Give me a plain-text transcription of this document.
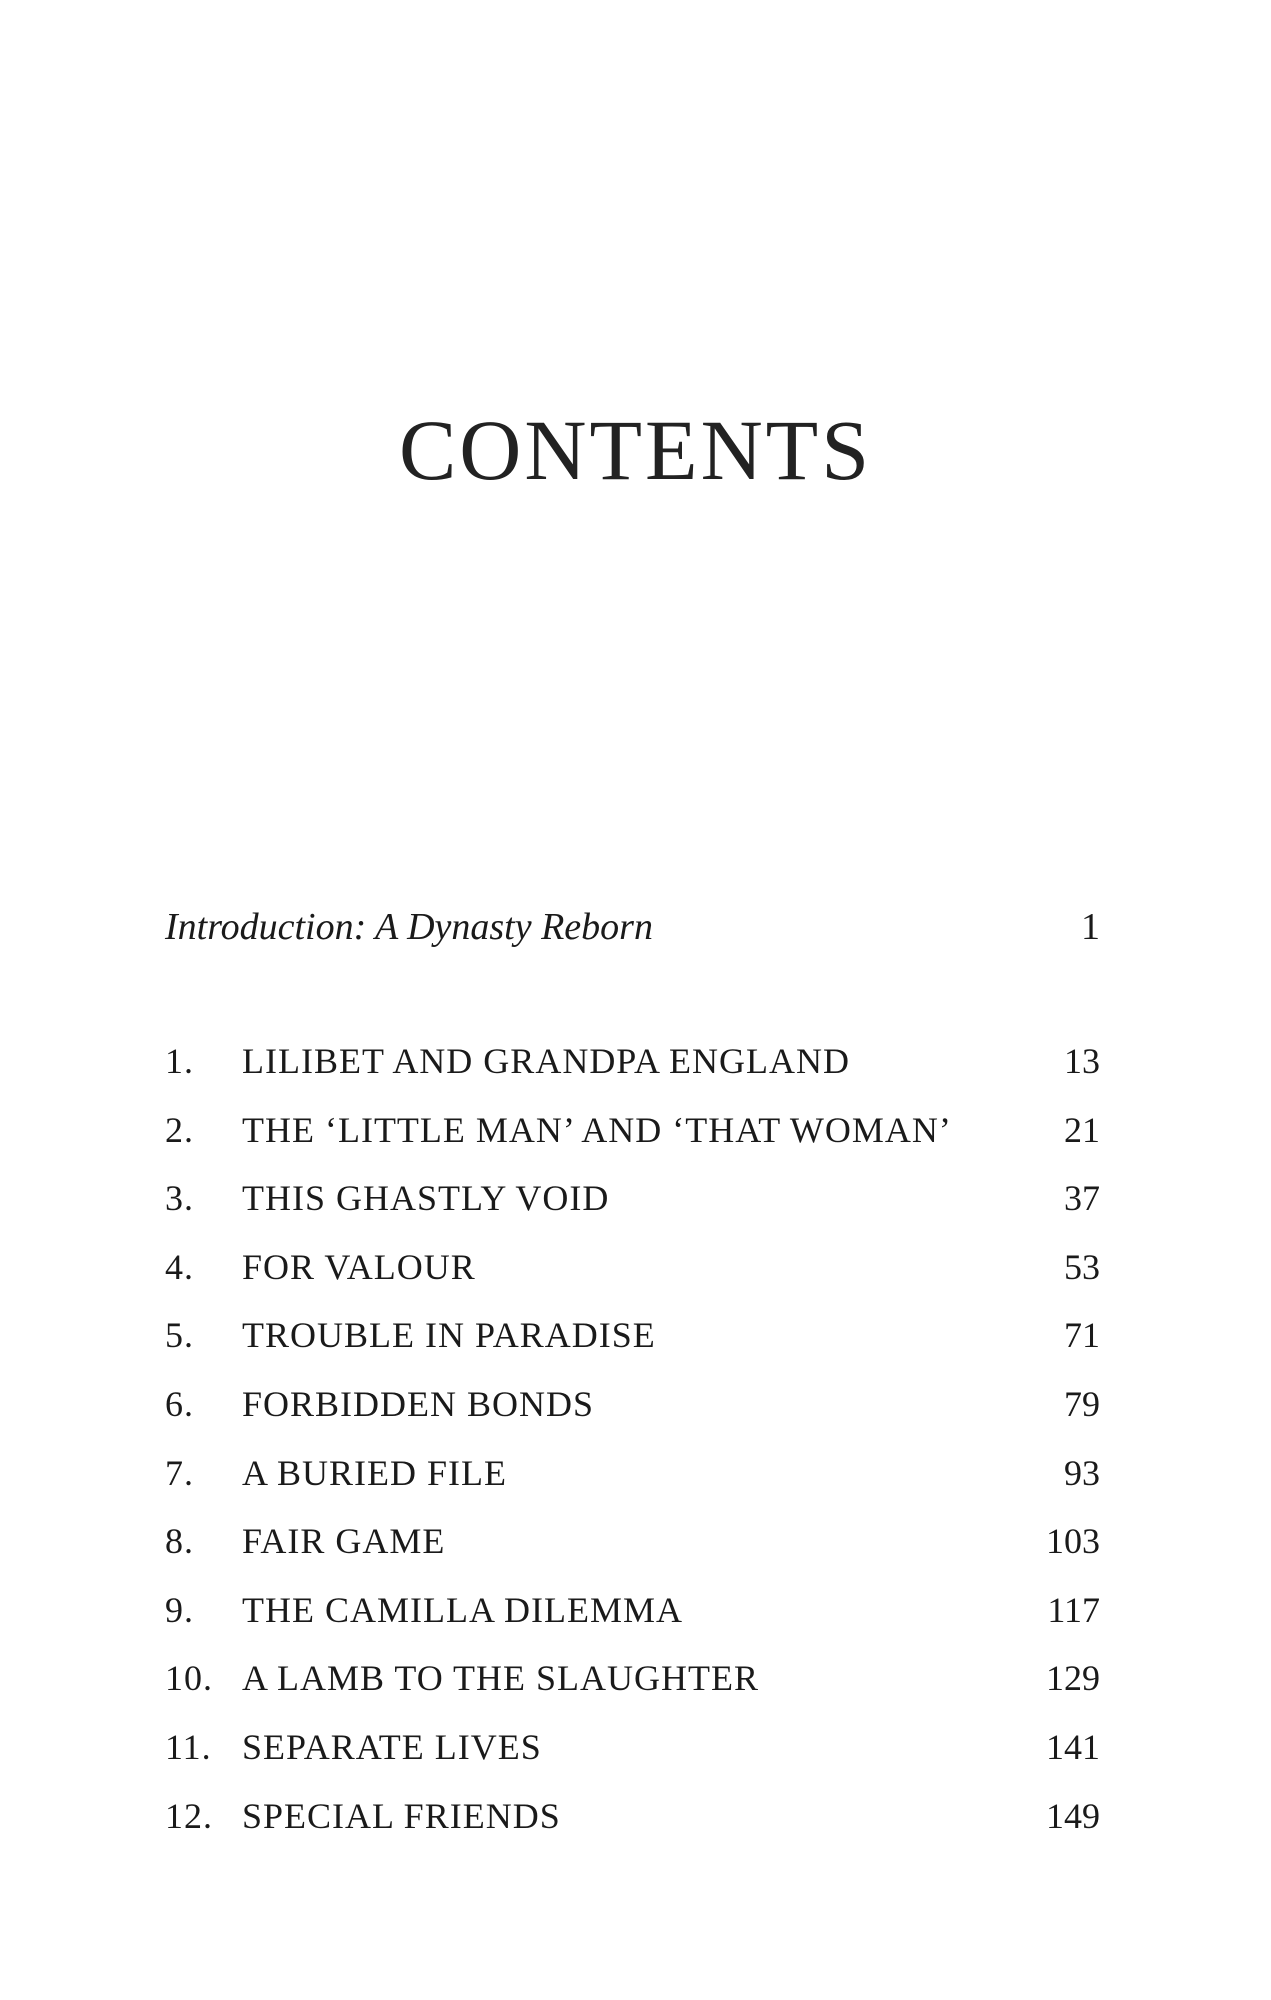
CONTENTS
Introduction: A Dynasty Reborn	1
1. LILIBET AND GRANDPA ENGLAND	13
2. THE ‘LITTLE MAN’ AND ‘THAT WOMAN’	21
3. THIS GHASTLY VOID	37
4. FOR VALOUR	53
5. TROUBLE IN PARADISE	71
6. FORBIDDEN BONDS	79
7. A BURIED FILE	93
8. FAIR GAME	103
9. THE CAMILLA DILEMMA	117
10. A LAMB TO THE SLAUGHTER	129
11. SEPARATE LIVES	141
12. SPECIAL FRIENDS	149
